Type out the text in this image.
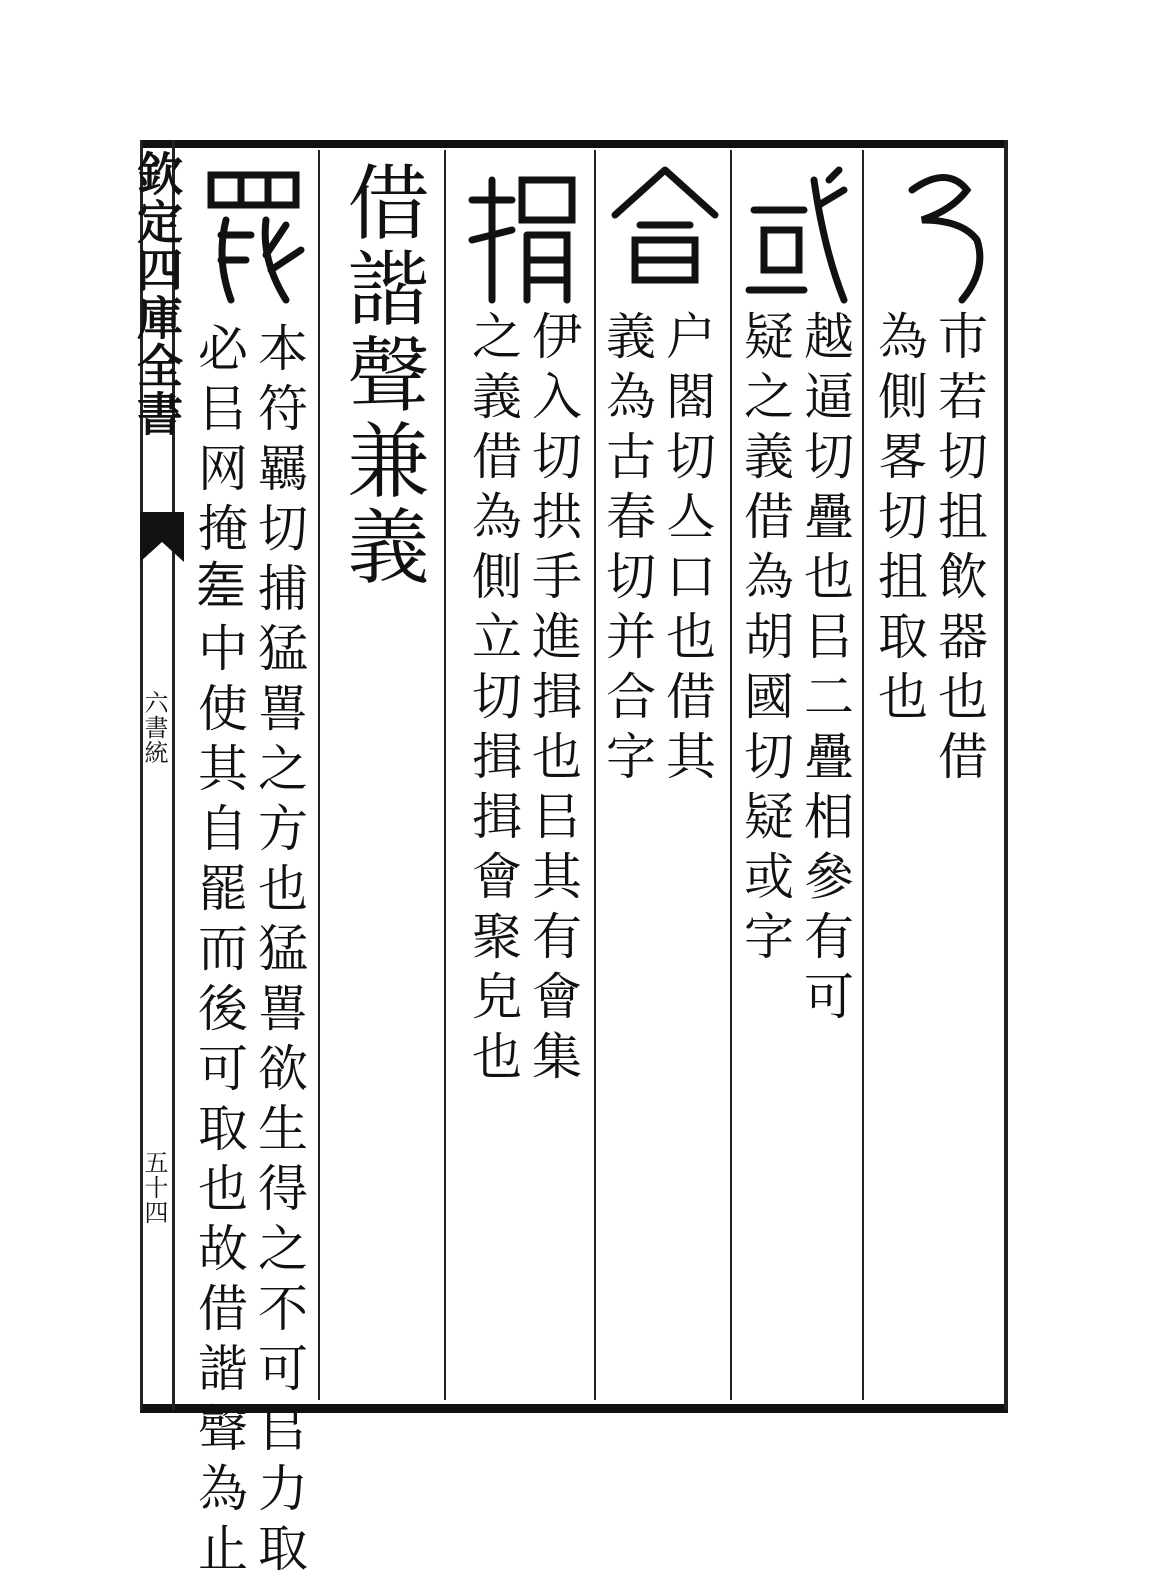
欽定四庫全書
六書統
五十四
巿若切抯飲器也借
為側畧切抯取也
越逼切疊也㠯二疊相參有可
疑之義借為胡國切疑或字
户閤切亼口也借其
義為古春切并合字
伊入切拱手進揖也㠯其有會集
之義借為側立切揖揖會聚皃也
借諧聲兼義
本符羈切捕猛嘼之方也猛嘼欲生得之不可㠯力取
必㠯网掩𢀡中使其自罷而後可取也故借諧聲為止
